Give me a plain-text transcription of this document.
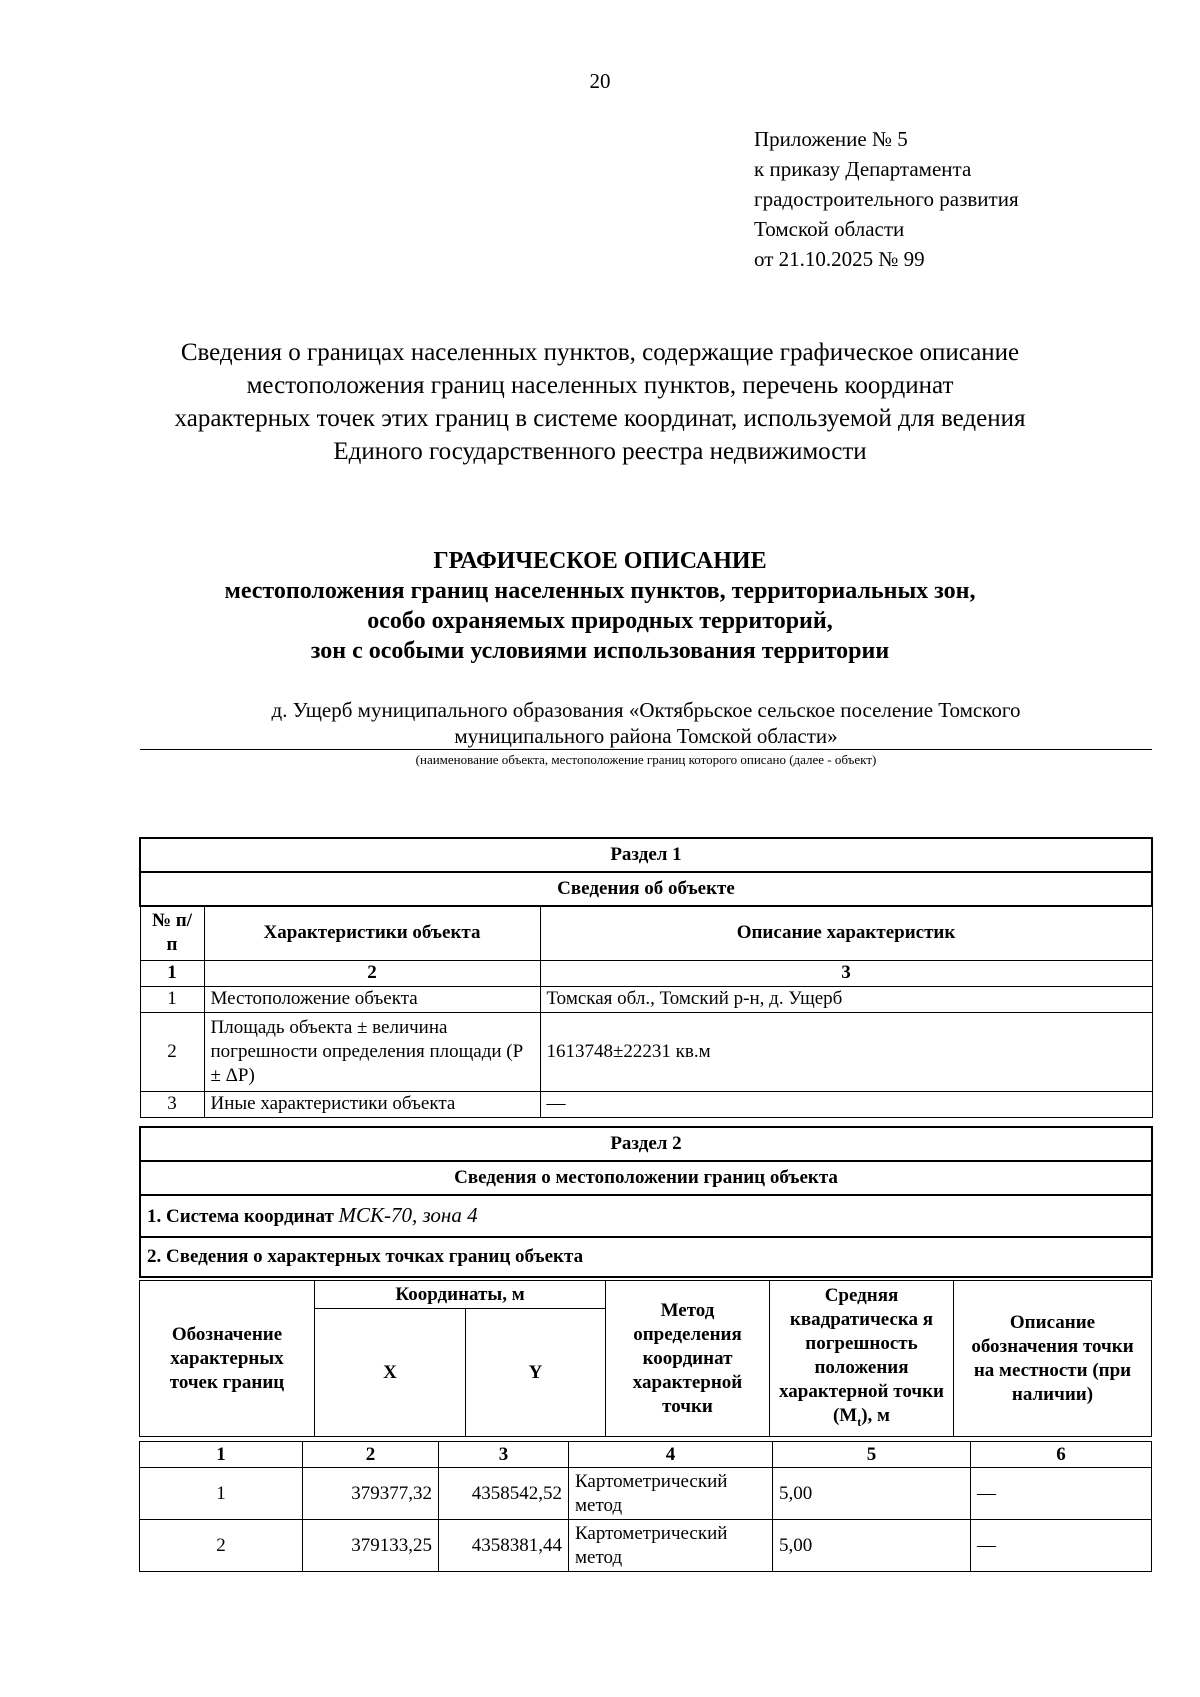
20
Приложение № 5
к приказу Департамента
градостроительного развития
Томской области
от 21.10.2025 № 99
Сведения о границах населенных пунктов, содержащие графическое описание
местоположения границ населенных пунктов, перечень координат
характерных точек этих границ в системе координат, используемой для ведения
Единого государственного реестра недвижимости
ГРАФИЧЕСКОЕ ОПИСАНИЕ
местоположения границ населенных пунктов, территориальных зон,
особо охраняемых природных территорий,
зон с особыми условиями использования территории
д. Ущерб муниципального образования «Октябрьское сельское поселение Томского
муниципального района Томской области»
(наименование объекта, местоположение границ которого описано (далее - объект)
Раздел 1		
Сведения об объекте		
№ п/п	Характеристики объекта	Описание характеристик
1	2	3
1	Местоположение объекта	Томская обл., Томский р-н, д. Ущерб
2	Площадь объекта ± величина погрешности определения площади (Р ± ΔР)	1613748±22231 кв.м
3	Иные характеристики объекта	—
Раздел 2
Сведения о местоположении границ объекта
1. Система координат МСК-70, зона 4
2. Сведения о характерных точках границ объекта
Обозначение характерных точек границ	Координаты, м		Метод определения координат характерной точки	Средняя квадратическа я погрешность положения характерной точки $(М_t)$, м	Описание обозначения точки на местности (при наличии)
	X	Y			
1	2	3	4	5	6
1	379377,32	4358542,52	Картометрический метод	5,00	—
2	379133,25	4358381,44	Картометрический метод	5,00	—
